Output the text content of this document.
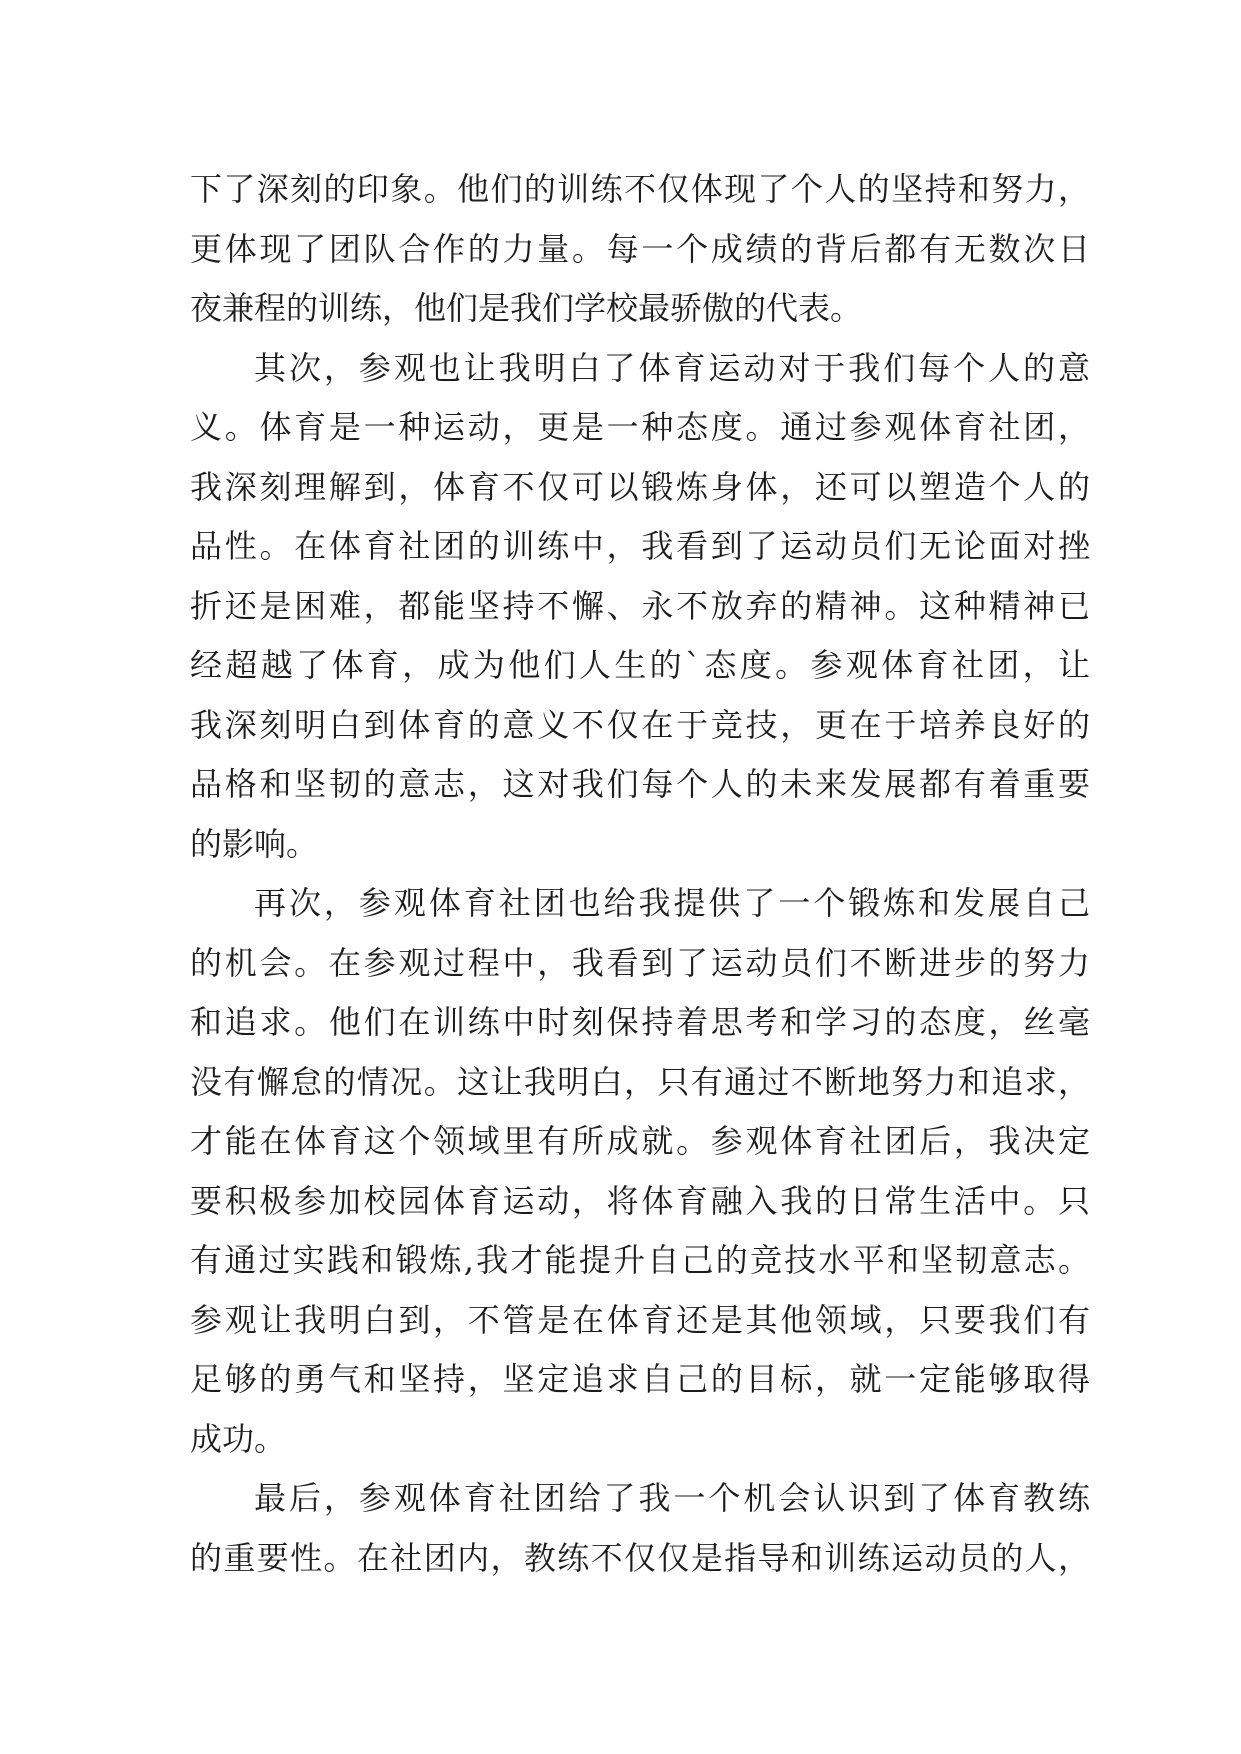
下了深刻的印象。他们的训练不仅体现了个人的坚持和努力，
更体现了团队合作的力量。每一个成绩的背后都有无数次日
夜兼程的训练，他们是我们学校最骄傲的代表。
其次，参观也让我明白了体育运动对于我们每个人的意
义。体育是一种运动，更是一种态度。通过参观体育社团，
我深刻理解到，体育不仅可以锻炼身体，还可以塑造个人的
品性。在体育社团的训练中，我看到了运动员们无论面对挫
折还是困难，都能坚持不懈、永不放弃的精神。这种精神已
经超越了体育，成为他们人生的`态度。参观体育社团，让
我深刻明白到体育的意义不仅在于竞技，更在于培养良好的
品格和坚韧的意志，这对我们每个人的未来发展都有着重要
的影响。
再次，参观体育社团也给我提供了一个锻炼和发展自己
的机会。在参观过程中，我看到了运动员们不断进步的努力
和追求。他们在训练中时刻保持着思考和学习的态度，丝毫
没有懈怠的情况。这让我明白，只有通过不断地努力和追求，
才能在体育这个领域里有所成就。参观体育社团后，我决定
要积极参加校园体育运动，将体育融入我的日常生活中。只
有通过实践和锻炼,我才能提升自己的竞技水平和坚韧意志。
参观让我明白到，不管是在体育还是其他领域，只要我们有
足够的勇气和坚持，坚定追求自己的目标，就一定能够取得
成功。
最后，参观体育社团给了我一个机会认识到了体育教练
的重要性。在社团内，教练不仅仅是指导和训练运动员的人，
